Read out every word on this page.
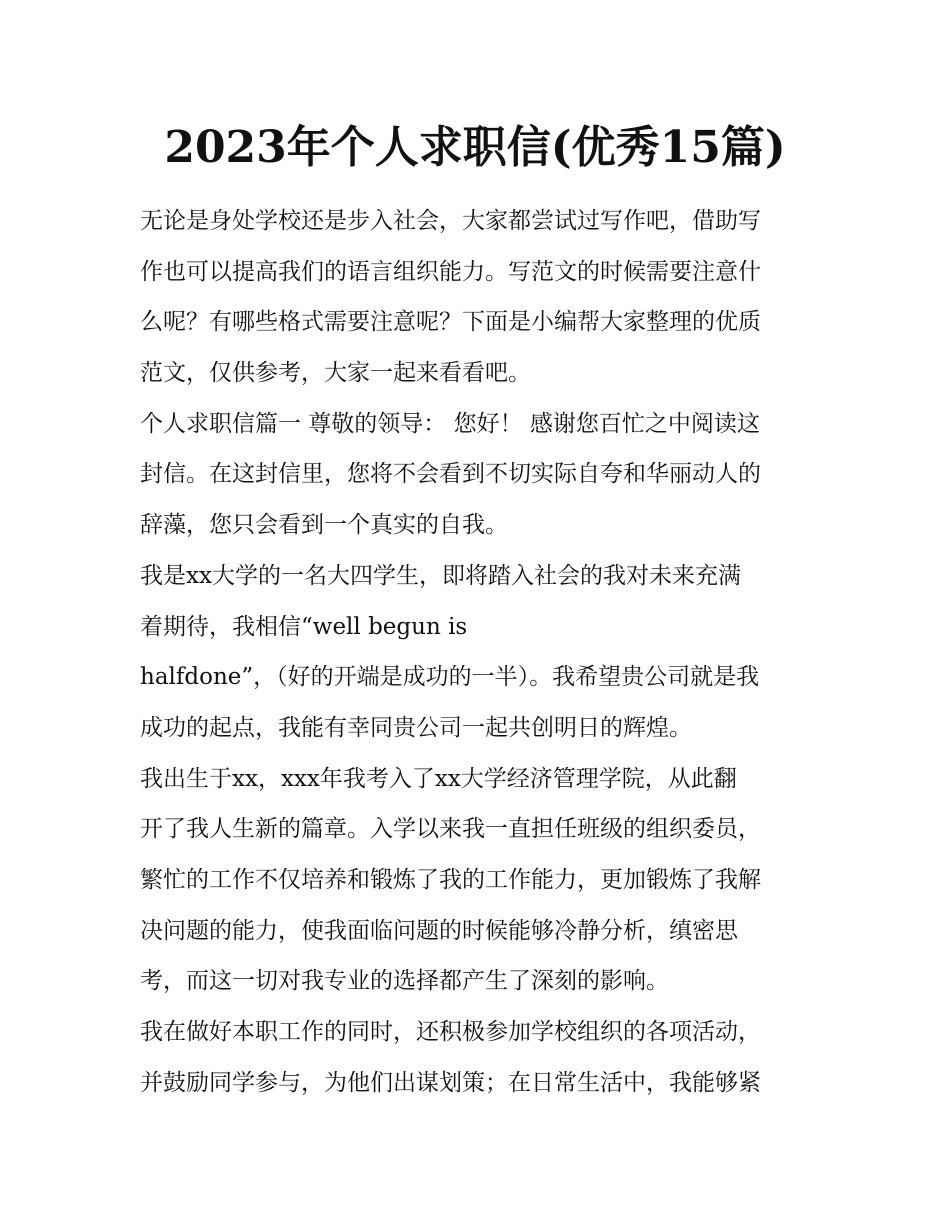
2023年个人求职信(优秀15篇)
无论是身处学校还是步入社会，大家都尝试过写作吧，借助写
作也可以提高我们的语言组织能力。写范文的时候需要注意什
么呢？有哪些格式需要注意呢？下面是小编帮大家整理的优质
范文，仅供参考，大家一起来看看吧。
个人求职信篇一 尊敬的领导： 您好！ 感谢您百忙之中阅读这
封信。在这封信里，您将不会看到不切实际自夸和华丽动人的
辞藻，您只会看到一个真实的自我。
我是xx大学的一名大四学生，即将踏入社会的我对未来充满
着期待，我相信“well begun is
halfdone”，（好的开端是成功的一半）。我希望贵公司就是我
成功的起点，我能有幸同贵公司一起共创明日的辉煌。
我出生于xx，xxx年我考入了xx大学经济管理学院，从此翻
开了我人生新的篇章。入学以来我一直担任班级的组织委员，
繁忙的工作不仅培养和锻炼了我的工作能力，更加锻炼了我解
决问题的能力，使我面临问题的时候能够冷静分析，缜密思
考，而这一切对我专业的选择都产生了深刻的影响。
我在做好本职工作的同时，还积极参加学校组织的各项活动，
并鼓励同学参与，为他们出谋划策；在日常生活中，我能够紧
